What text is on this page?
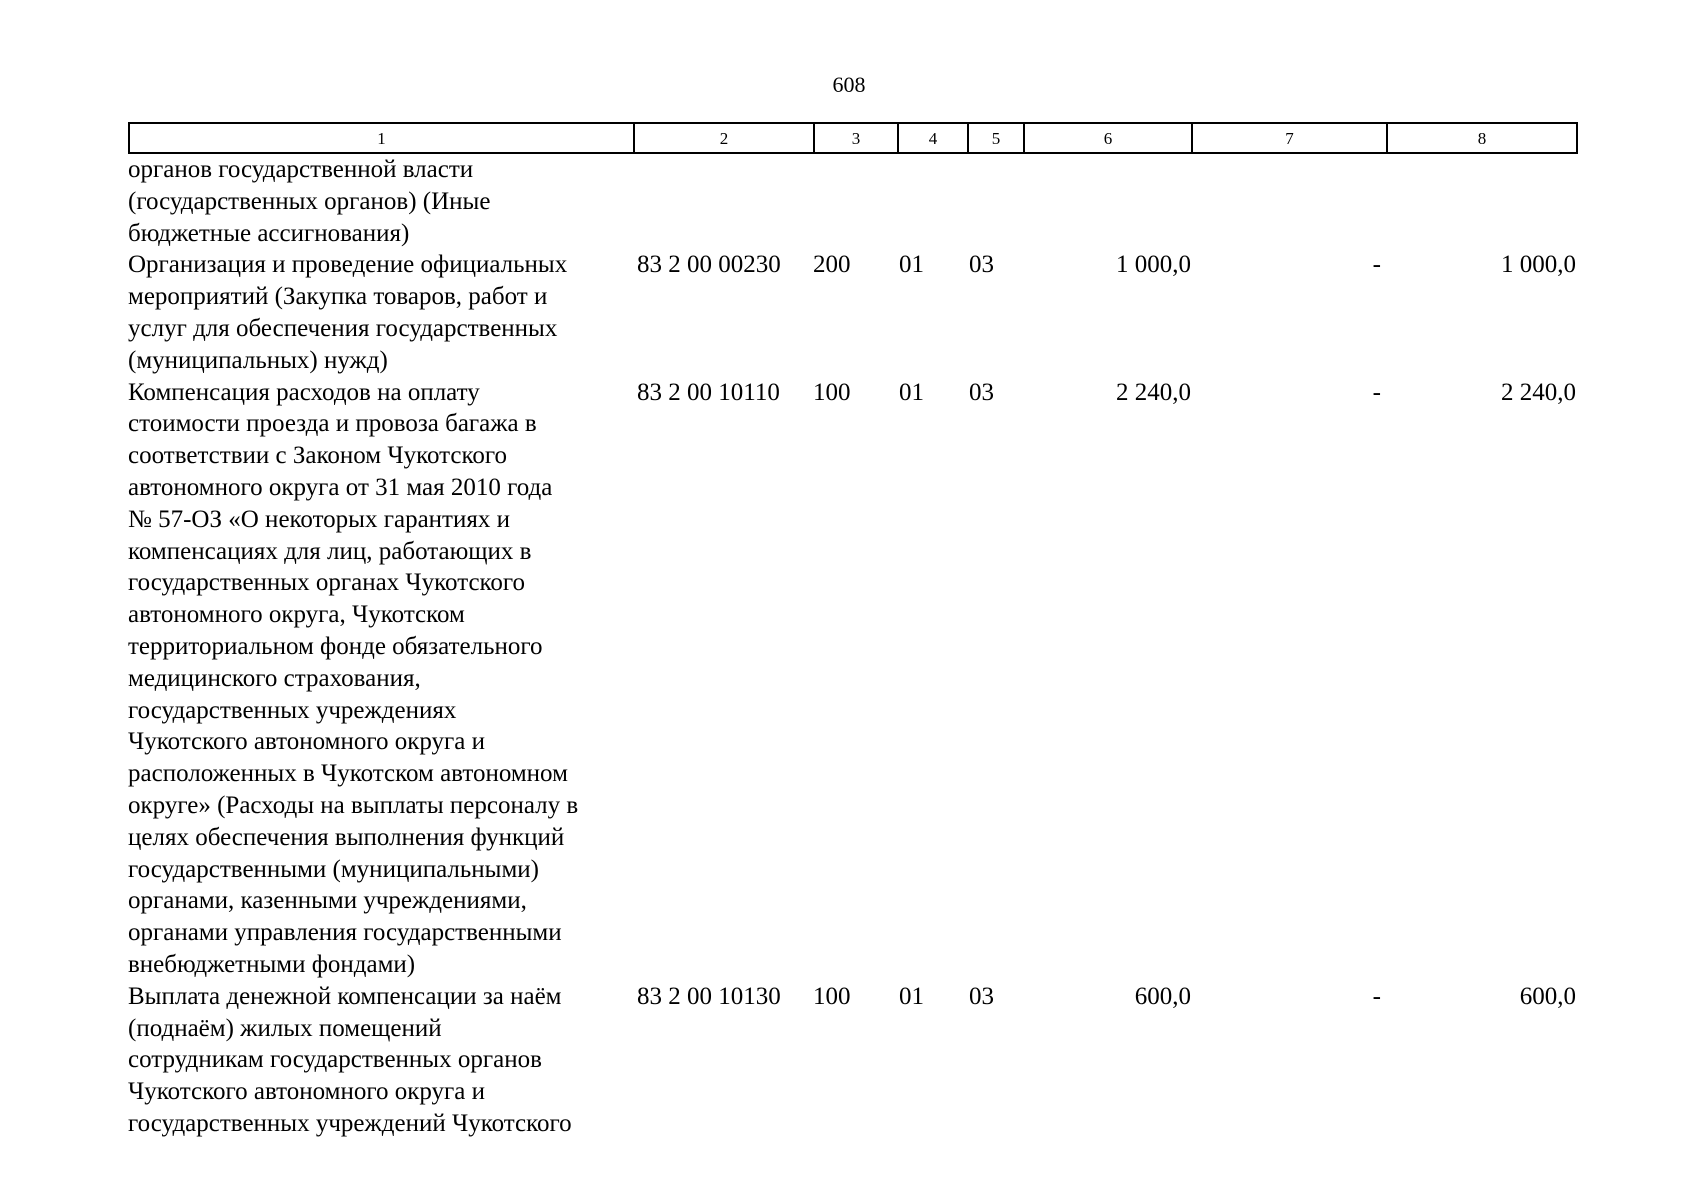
608
1	2	3	4	5	6	7	8
органов государственной власти
(государственных органов) (Иные
бюджетные ассигнования)
Организация и проведение официальных
мероприятий (Закупка товаров, работ и
услуг для обеспечения государственных
(муниципальных) нужд)
83 2 00 00230	200	01	03	1 000,0	-	1 000,0
Компенсация расходов на оплату
стоимости проезда и провоза багажа в
соответствии с Законом Чукотского
автономного округа от 31 мая 2010 года
№ 57-ОЗ «О некоторых гарантиях и
компенсациях для лиц, работающих в
государственных органах Чукотского
автономного округа, Чукотском
территориальном фонде обязательного
медицинского страхования,
государственных учреждениях
Чукотского автономного округа и
расположенных в Чукотском автономном
округе» (Расходы на выплаты персоналу в
целях обеспечения выполнения функций
государственными (муниципальными)
органами, казенными учреждениями,
органами управления государственными
внебюджетными фондами)
83 2 00 10110	100	01	03	2 240,0	-	2 240,0
Выплата денежной компенсации за наём
(поднаём) жилых помещений
сотрудникам государственных органов
Чукотского автономного округа и
государственных учреждений Чукотского
83 2 00 10130	100	01	03	600,0	-	600,0
